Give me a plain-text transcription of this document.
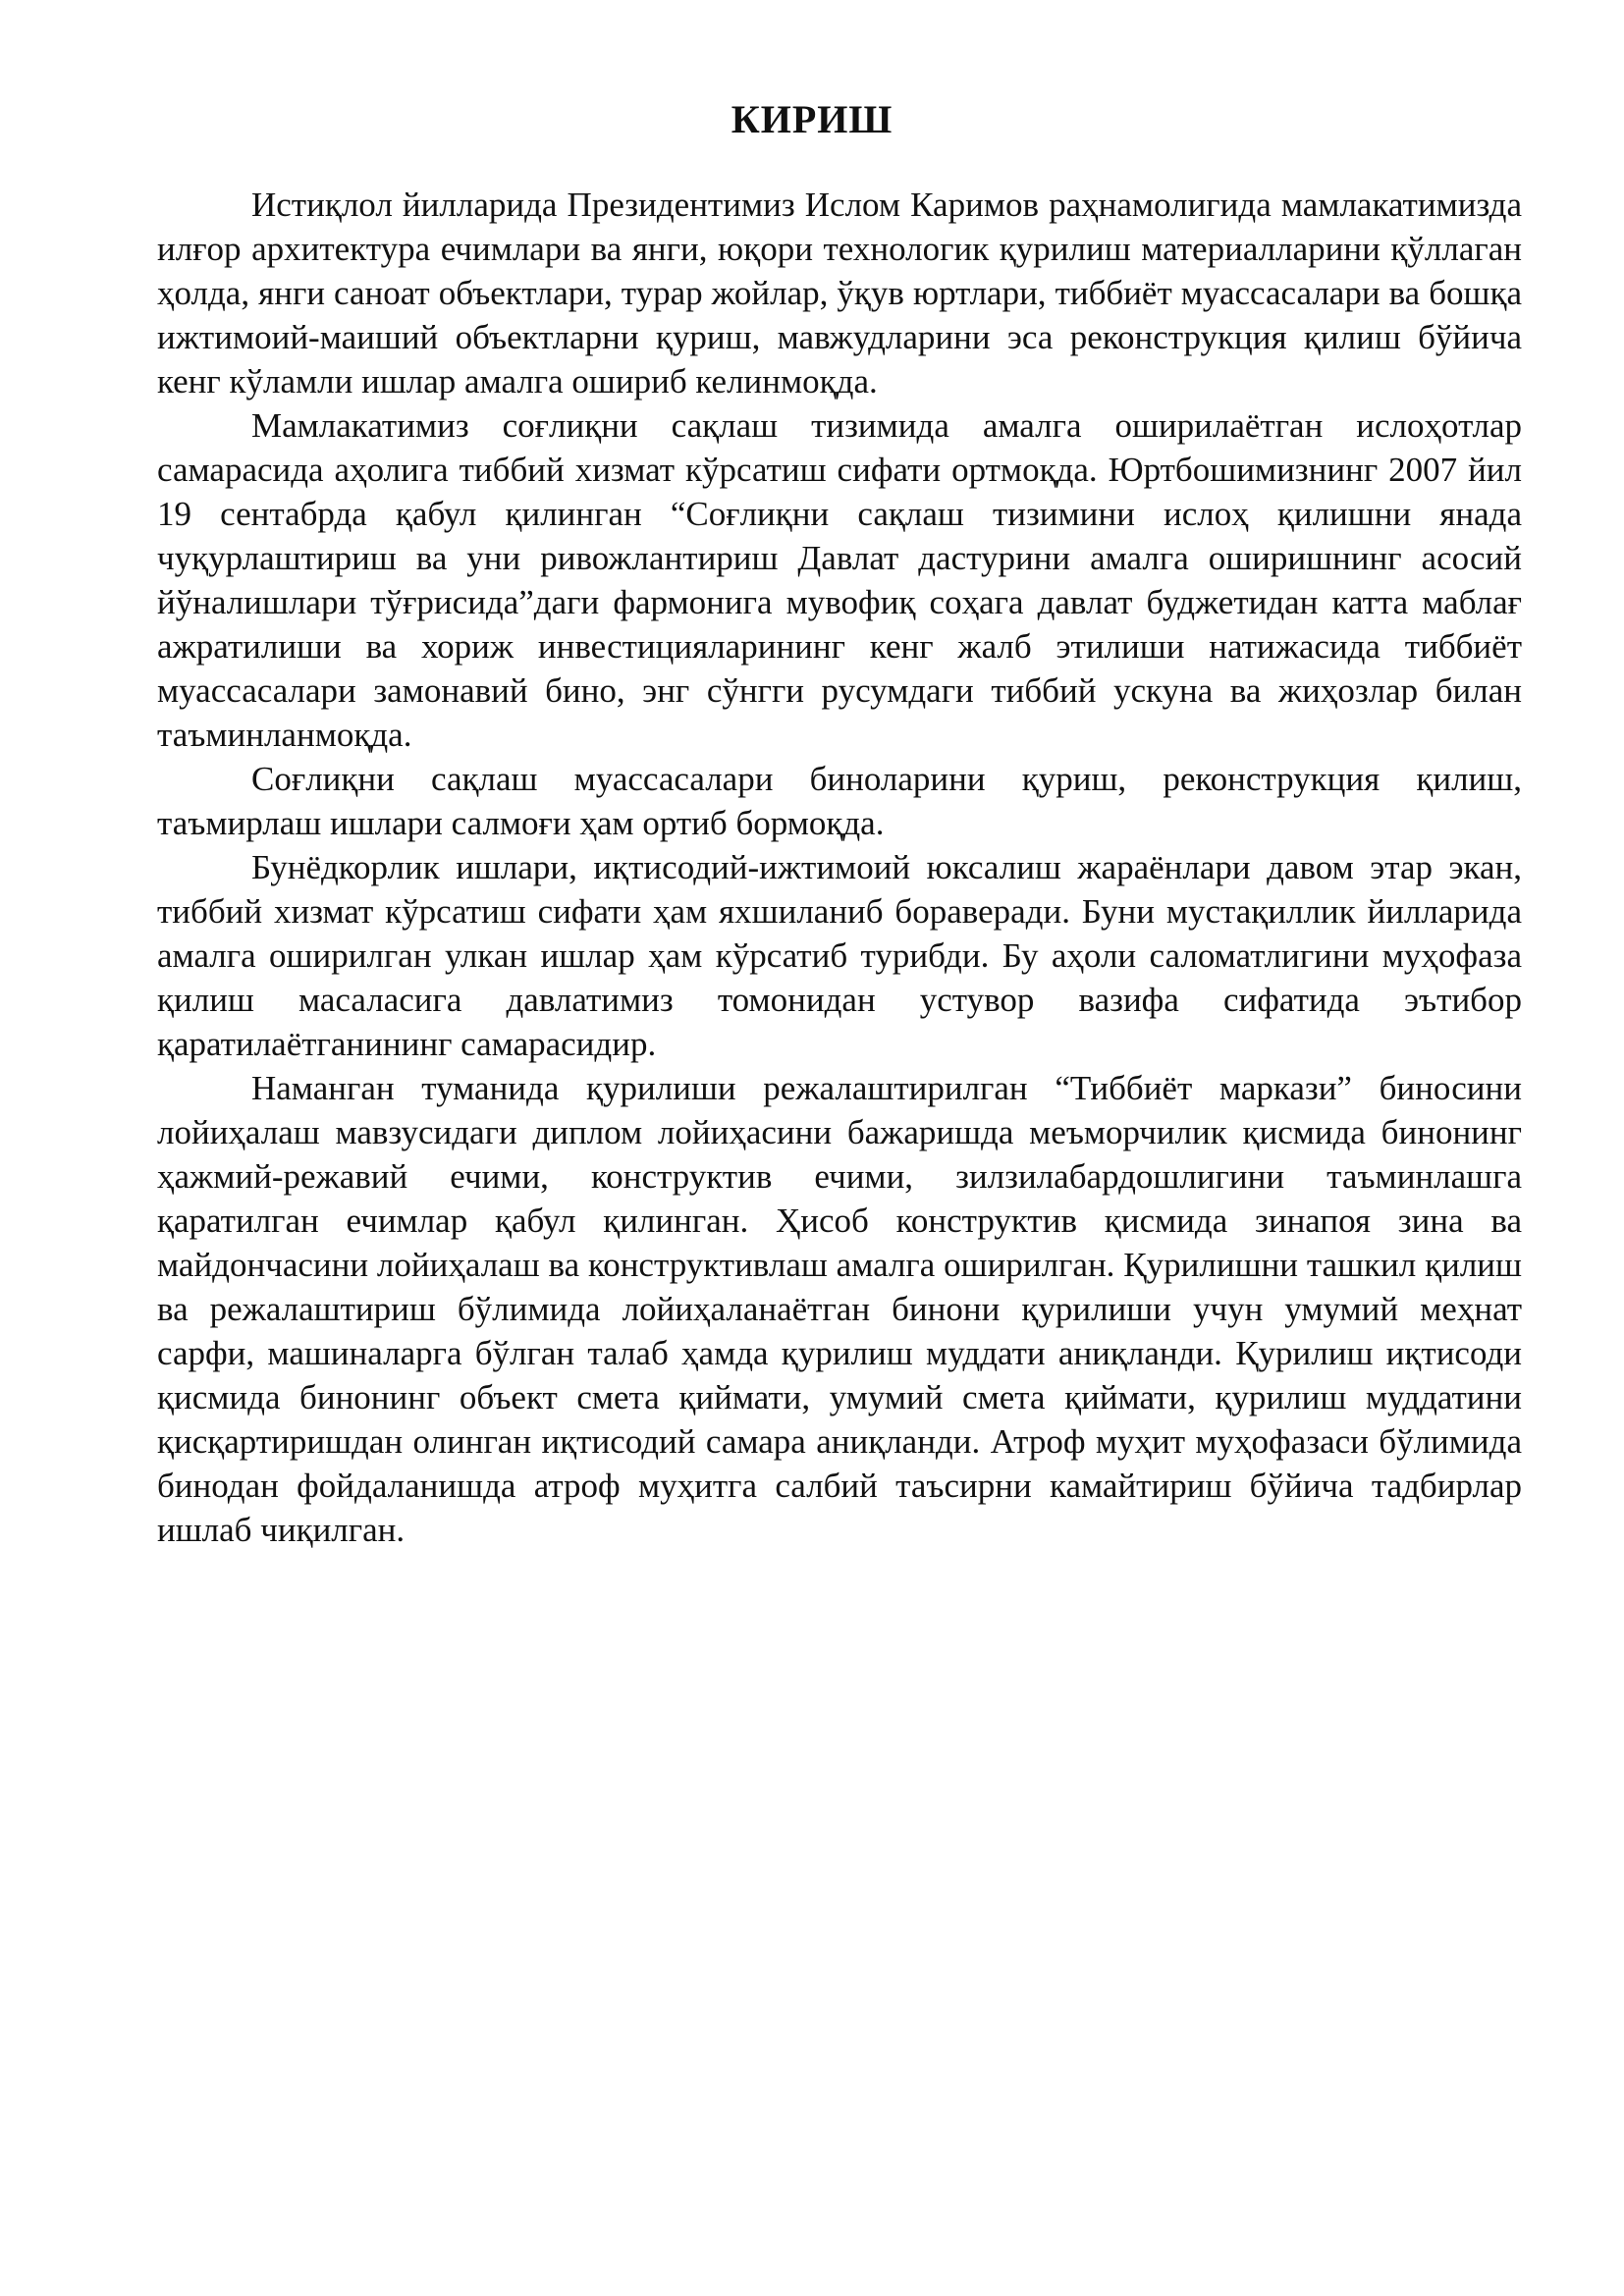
КИРИШ

Истиқлол йилларида Президентимиз Ислом Каримов раҳнамолигида мамлакатимизда илғор архитектура ечимлари ва янги, юқори технологик қурилиш материалларини қўллаган ҳолда, янги саноат объектлари, турар жойлар, ўқув юртлари, тиббиёт муассасалари ва бошқа ижтимоий-маиший объектларни қуриш, мавжудларини эса реконструкция қилиш бўйича кенг кўламли ишлар амалга ошириб келинмоқда.

Мамлакатимиз соғлиқни сақлаш тизимида амалга оширилаётган ислоҳотлар самарасида аҳолига тиббий хизмат кўрсатиш сифати ортмоқда. Юртбошимизнинг 2007 йил 19 сентабрда қабул қилинган “Соғлиқни сақлаш тизимини ислоҳ қилишни янада чуқурлаштириш ва уни ривожлантириш Давлат дастурини амалга оширишнинг асосий йўналишлари тўғрисида”даги фармонига мувофиқ соҳага давлат буджетидан катта маблағ ажратилиши ва хориж инвестицияларининг кенг жалб этилиши натижасида тиббиёт муассасалари замонавий бино, энг сўнгги русумдаги тиббий ускуна ва жиҳозлар билан таъминланмоқда.

Соғлиқни сақлаш муассасалари биноларини қуриш, реконструкция қилиш, таъмирлаш ишлари салмоғи ҳам ортиб бормоқда.

Бунёдкорлик ишлари, иқтисодий-ижтимоий юксалиш жараёнлари давом этар экан, тиббий хизмат кўрсатиш сифати ҳам яхшиланиб бораверади. Буни мустақиллик йилларида амалга оширилган улкан ишлар ҳам кўрсатиб турибди. Бу аҳоли саломатлигини муҳофаза қилиш масаласига давлатимиз томонидан устувор вазифа сифатида эътибор қаратилаётганининг самарасидир.

Наманган туманида қурилиши режалаштирилган “Тиббиёт маркази” биносини лойиҳалаш мавзусидаги диплом лойиҳасини бажаришда меъморчилик қисмида бинонинг ҳажмий-режавий ечими, конструктив ечими, зилзилабардошлигини таъминлашга қаратилган ечимлар қабул қилинган. Ҳисоб конструктив қисмида зинапоя зина ва майдончасини лойиҳалаш ва конструктивлаш амалга оширилган. Қурилишни ташкил қилиш ва режалаштириш бўлимида лойиҳаланаётган бинони қурилиши учун умумий меҳнат сарфи, машиналарга бўлган талаб ҳамда қурилиш муддати аниқланди. Қурилиш иқтисоди қисмида бинонинг объект смета қиймати, умумий смета қиймати, қурилиш муддатини қисқартиришдан олинган иқтисодий самара аниқланди. Атроф муҳит муҳофазаси бўлимида бинодан фойдаланишда атроф муҳитга салбий таъсирни камайтириш бўйича тадбирлар ишлаб чиқилган.
